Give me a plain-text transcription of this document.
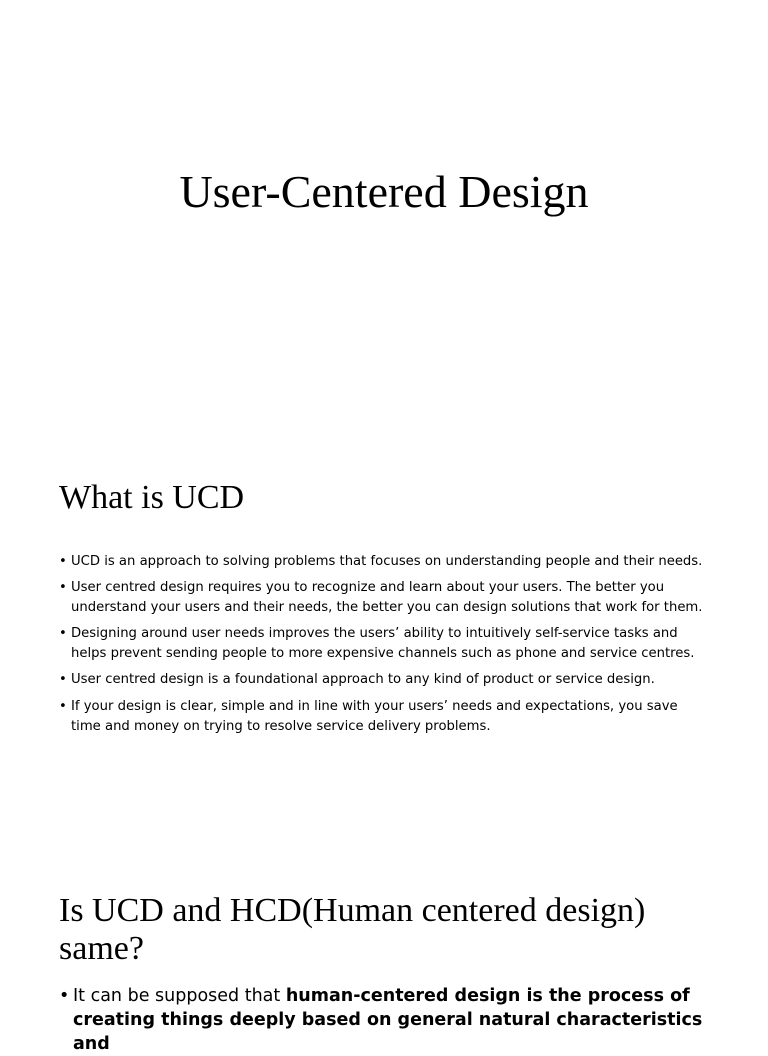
User-Centered Design
What is UCD
• UCD is an approach to solving problems that focuses on understanding people and their needs.
• User centred design requires you to recognize and learn about your users. The better you understand your users and their needs, the better you can design solutions that work for them.
• Designing around user needs improves the users’ ability to intuitively self-service tasks and helps prevent sending people to more expensive channels such as phone and service centres.
• User centred design is a foundational approach to any kind of product or service design.
• If your design is clear, simple and in line with your users’ needs and expectations, you save time and money on trying to resolve service delivery problems.
Is UCD and HCD(Human centered design) same?
• It can be supposed that human-centered design is the process of creating things deeply based on general natural characteristics and
